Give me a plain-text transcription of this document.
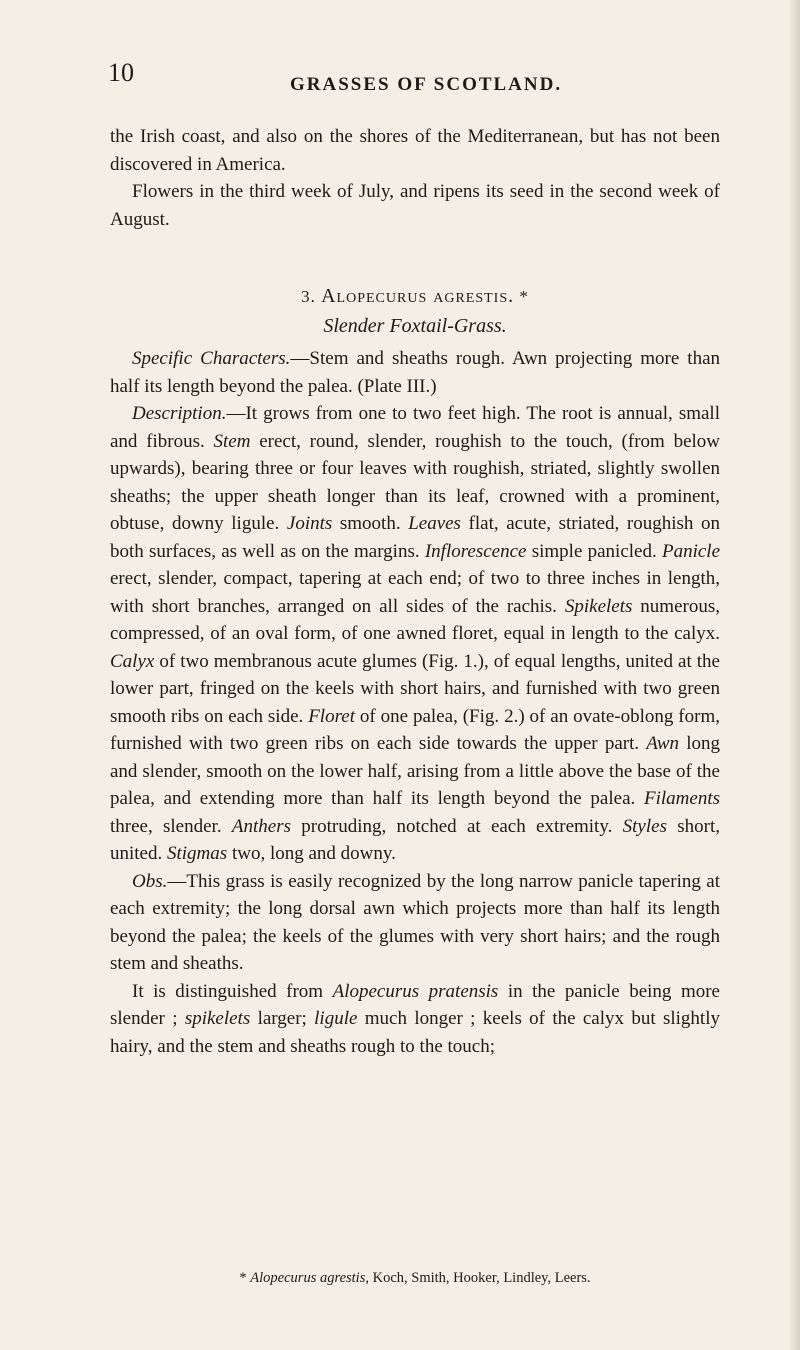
10	GRASSES OF SCOTLAND.

the Irish coast, and also on the shores of the Mediterranean, but has not been discovered in America.

Flowers in the third week of July, and ripens its seed in the second week of August.

3. Alopecurus agrestis. *
Slender Foxtail-Grass.

Specific Characters.—Stem and sheaths rough. Awn projecting more than half its length beyond the palea. (Plate III.)

Description.—It grows from one to two feet high. The root is annual, small and fibrous. Stem erect, round, slender, roughish to the touch, (from below upwards), bearing three or four leaves with roughish, striated, slightly swollen sheaths; the upper sheath longer than its leaf, crowned with a prominent, obtuse, downy ligule. Joints smooth. Leaves flat, acute, striated, roughish on both surfaces, as well as on the margins. Inflorescence simple panicled. Panicle erect, slender, compact, tapering at each end; of two to three inches in length, with short branches, arranged on all sides of the rachis. Spikelets numerous, compressed, of an oval form, of one awned floret, equal in length to the calyx. Calyx of two membranous acute glumes (Fig. 1.), of equal lengths, united at the lower part, fringed on the keels with short hairs, and furnished with two green smooth ribs on each side. Floret of one palea, (Fig. 2.) of an ovate-oblong form, furnished with two green ribs on each side towards the upper part. Awn long and slender, smooth on the lower half, arising from a little above the base of the palea, and extending more than half its length beyond the palea. Filaments three, slender. Anthers protruding, notched at each extremity. Styles short, united. Stigmas two, long and downy.

Obs.—This grass is easily recognized by the long narrow panicle tapering at each extremity; the long dorsal awn which projects more than half its length beyond the palea; the keels of the glumes with very short hairs; and the rough stem and sheaths.

It is distinguished from Alopecurus pratensis in the panicle being more slender ; spikelets larger; ligule much longer ; keels of the calyx but slightly hairy, and the stem and sheaths rough to the touch;

* Alopecurus agrestis, Koch, Smith, Hooker, Lindley, Leers.
